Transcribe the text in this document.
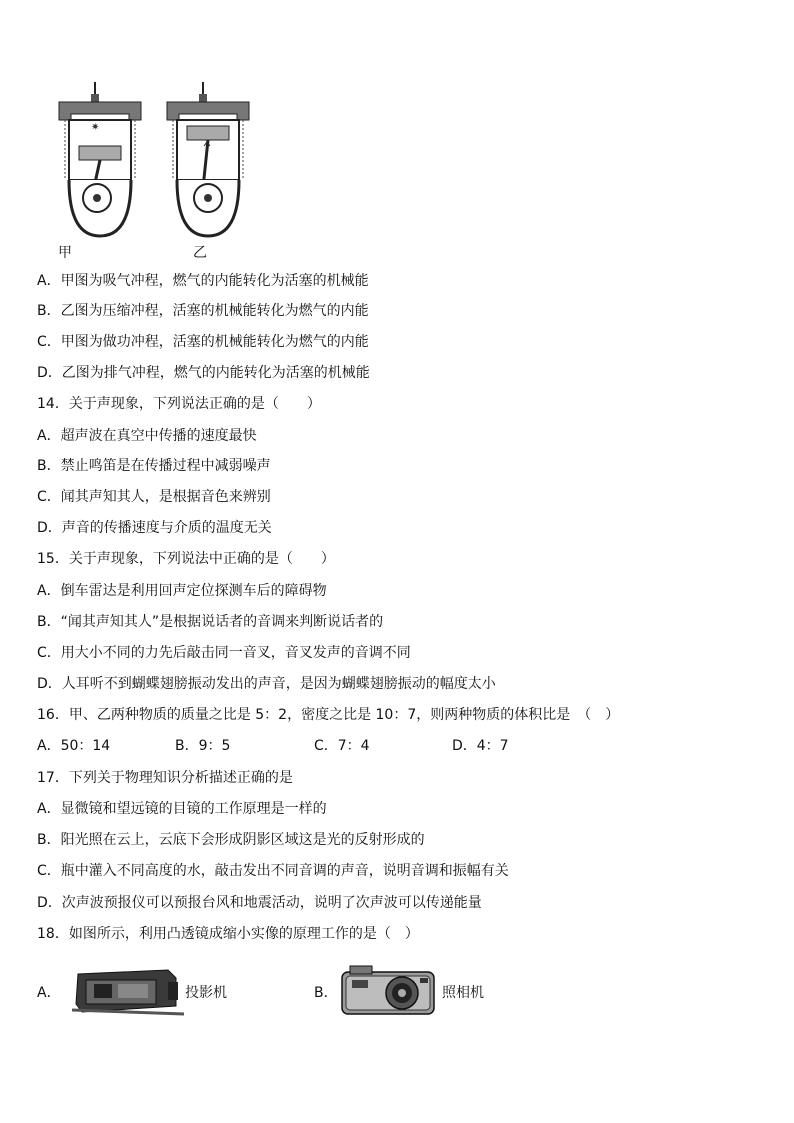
✷
甲	乙
A．甲图为吸气冲程，燃气的内能转化为活塞的机械能
B．乙图为压缩冲程，活塞的机械能转化为燃气的内能
C．甲图为做功冲程，活塞的机械能转化为燃气的内能
D．乙图为排气冲程，燃气的内能转化为活塞的机械能
14．关于声现象，下列说法正确的是（　　）
A．超声波在真空中传播的速度最快
B．禁止鸣笛是在传播过程中减弱噪声
C．闻其声知其人，是根据音色来辨别
D．声音的传播速度与介质的温度无关
15．关于声现象，下列说法中正确的是（　　）
A．倒车雷达是利用回声定位探测车后的障碍物
B．“闻其声知其人”是根据说话者的音调来判断说话者的
C．用大小不同的力先后敲击同一音叉，音叉发声的音调不同
D．人耳听不到蝴蝶翅膀振动发出的声音，是因为蝴蝶翅膀振动的幅度太小
16．甲、乙两种物质的质量之比是 5：2，密度之比是 10：7，则两种物质的体积比是　（　）
A．50：14	B．9：5	C．7：4	D．4：7
17．下列关于物理知识分析描述正确的是
A．显微镜和望远镜的目镜的工作原理是一样的
B．阳光照在云上，云底下会形成阴影区域这是光的反射形成的
C．瓶中灌入不同高度的水，敲击发出不同音调的声音，说明音调和振幅有关
D．次声波预报仪可以预报台风和地震活动，说明了次声波可以传递能量
18．如图所示，利用凸透镜成缩小实像的原理工作的是（　）
A．	投影机	B．	照相机
